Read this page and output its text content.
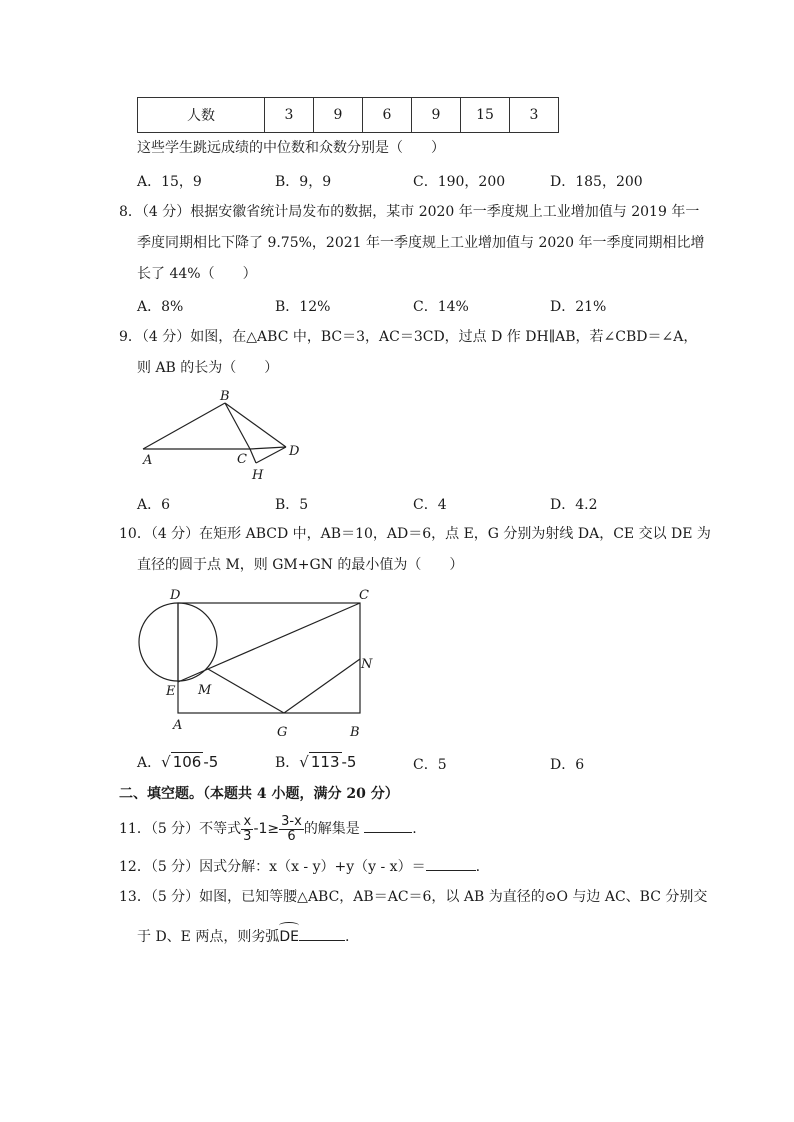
人数	3	9	6	9	15	3
这些学生跳远成绩的中位数和众数分别是（　　）
A．15，9	B．9，9	C．190，200	D．185，200
8．（4 分）根据安徽省统计局发布的数据，某市 2020 年一季度规上工业增加值与 2019 年一
季度同期相比下降了 9.75%，2021 年一季度规上工业增加值与 2020 年一季度同期相比增
长了 44%（　　）
A．8%	B．12%	C．14%	D．21%
9．（4 分）如图，在△ABC 中，BC＝3，AC＝3CD，过点 D 作 DH∥AB，若∠CBD＝∠A，
则 AB 的长为（　　）
B
A	C
D
H
A．6	B．5	C．4	D．4.2
10．（4 分）在矩形 ABCD 中，AB＝10，AD＝6，点 E，G 分别为射线 DA，CE 交以 DE 为
直径的圆于点 M，则 GM+GN 的最小值为（　　）
D	C
N
E M
A	G	B
A．√ 106 -5	B．√ 113 -5	C．5	D．6
二、填空题。（本题共 4 小题，满分 20 分）
11．（5 分）不等式 $\frac{x}{3} -1\ge \frac{3-x}{6}$ 的解集是	.
12．（5 分）因式分解：x（x - y）+y（y - x）＝	.
13．（5 分）如图，已知等腰△ABC，AB＝AC＝6，以 AB 为直径的⊙O 与边 AC、BC 分别交
于 D、E 两点，则劣弧DE	.
